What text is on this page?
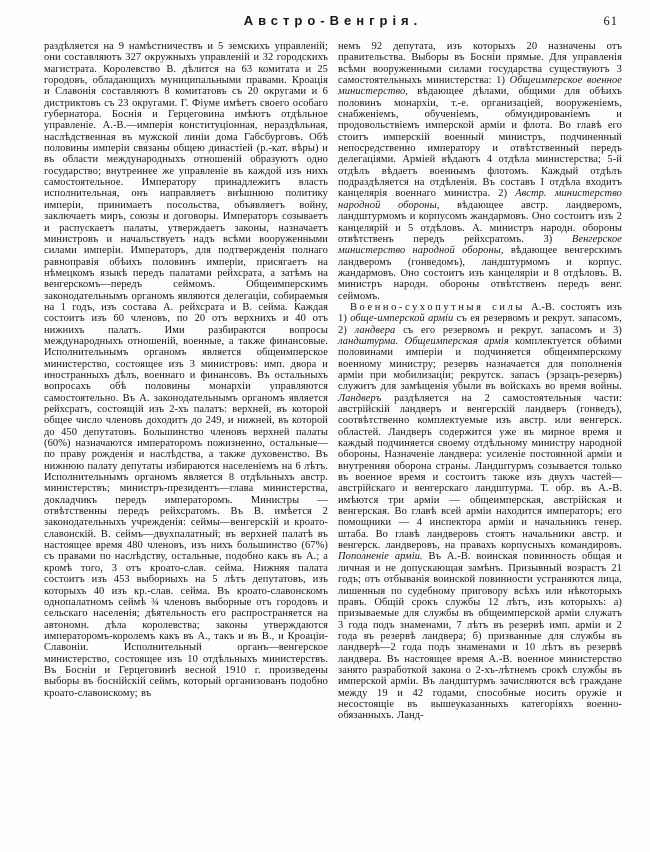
Австро-Венгрія.	61

раздѣляется на 9 намѣстничествъ и 5 земскихъ управленій; они составляютъ 327 окружныхъ управленій и 32 городскихъ магистрата. Королевство В. дѣлится на 63 комитата и 25 городовъ, обладающихъ муниципальными правами. Кроація и Славонія составляютъ 8 комитатовъ съ 20 округами и 6 дистриктовъ съ 23 округами. Г. Фіуме имѣетъ своего особаго губернатора. Боснія и Герцеговина имѣютъ отдѣльное управленіе. А.-В.—имперія конституціонная, нераздѣльная, наслѣдственная въ мужской линіи дома Габсбурговъ. Обѣ половины имперіи связаны общею династіей (р.-кат. вѣры) и въ области международныхъ отношеній образуютъ одно государство; внутреннее же управленіе въ каждой изъ нихъ самостоятельное. Императору принадлежитъ власть исполнительная, онъ направляетъ внѣшнюю политику имперіи, принимаетъ посольства, объявляетъ войну, заключаетъ миръ, союзы и договоры. Императоръ созываетъ и распускаетъ палаты, утверждаетъ законы, назначаетъ министровъ и начальствуетъ надъ всѣми вооруженными силами имперіи. Императоръ, для подтвержденія полнаго равноправія обѣихъ половинъ имперіи, присягаетъ на нѣмецкомъ языкѣ передъ палатами рейхсрата, а затѣмъ на венгерскомъ—передъ сеймомъ. Общеимперскимъ законодательнымъ органомъ являются делегаціи, собираемыя на 1 годъ, изъ состава А. рейхсрата и В. сейма. Каждая состоитъ изъ 60 членовъ, по 20 отъ верхнихъ и 40 отъ нижнихъ палатъ. Ими разбираются вопросы международныхъ отношеній, военные, а также финансовые. Исполнительнымъ органомъ является общеимперское министерство, состоящее изъ 3 министровъ: имп. двора и иностранныхъ дѣлъ, военнаго и финансовъ. Въ остальныхъ вопросахъ обѣ половины монархіи управляются самостоятельно. Въ А. законодательнымъ органомъ является рейхсратъ, состоящій изъ 2-хъ палатъ: верхней, въ которой общее число членовъ доходитъ до 249, и нижней, въ которой до 450 депутатовъ. Большинство членовъ верхней палаты (60%) назначаются императоромъ пожизненно, остальные—по праву рожденія и наслѣдства, а также духовенство. Въ нижнюю палату депутаты избираются населеніемъ на 6 лѣтъ. Исполнительнымъ органомъ является 8 отдѣльныхъ австр. министерствъ; министръ-президентъ—глава министерства, докладчикъ передъ императоромъ. Министры — отвѣтственны передъ рейхсратомъ. Въ В. имѣется 2 законодательныхъ учрежденія: сеймы—венгерскій и кроато-славонскій. В. сеймъ—двухпалатный; въ верхней палатѣ въ настоящее время 480 членовъ, изъ нихъ большинство (67%) съ правами по наслѣдству, остальные, подобно какъ въ А.; а кромѣ того, 3 отъ кроато-слав. сейма. Нижняя палата состоитъ изъ 453 выборныхъ на 5 лѣтъ депутатовъ, изъ которыхъ 40 изъ кр.-слав. сейма. Въ кроато-славонскомъ однопалатномъ сеймѣ ¾ членовъ выборные отъ городовъ и сельскаго населенія; дѣятельность его распространяется на автономн. дѣла королевства; законы утверждаются императоромъ-королемъ какъ въ А., такъ и въ В., и Кроаціи-Славоніи. Исполнительный органъ—венгерское министерство, состоящее изъ 10 отдѣльныхъ министерствъ. Въ Босніи и Герцеговинѣ весной 1910 г. произведены выборы въ боснійскій сеймъ, который организованъ подобно кроато-славонскому; въ

немъ 92 депутата, изъ которыхъ 20 назначены отъ правительства. Выборы въ Босніи прямые. Для управленія всѣми вооруженными силами государства существуютъ 3 самостоятельныхъ министерства: 1) Общеимперское военное министерство, вѣдающее дѣлами, общими для обѣихъ половинъ монархіи, т.-е. организаціей, вооруженіемъ, снабженіемъ, обученіемъ, обмундированіемъ и продовольствіемъ имперской арміи и флота. Во главѣ его стоитъ имперскій военный министръ, подчиненный непосредственно императору и отвѣтственный передъ делегаціями. Арміей вѣдаютъ 4 отдѣла министерства; 5-й отдѣлъ вѣдаетъ военнымъ флотомъ. Каждый отдѣлъ подраздѣляется на отдѣленія. Въ составъ I отдѣла входитъ канцелярія военнаго министра. 2) Австр. министерство народной обороны, вѣдающее австр. ландверомъ, ландштурмомъ и корпусомъ жандармовъ. Оно состоитъ изъ 2 канцелярій и 5 отдѣловъ. А. министръ народн. обороны отвѣтственъ передъ рейхсратомъ. 3) Венгерское министерство народной обороны, вѣдающее венгерскимъ ландверомъ (гонведомъ), ландштурмомъ и корпус. жандармовъ. Оно состоитъ изъ канцеляріи и 8 отдѣловъ. В. министръ народн. обороны отвѣтственъ передъ венг. сеймомъ.

Военно-сухопутныя силы А.-В. состоятъ изъ 1) обще-имперской арміи съ ея резервомъ и рекрут. запасомъ, 2) ландвера съ его резервомъ и рекрут. запасомъ и 3) ландштурма. Общеимперская армія комплектуется обѣими половинами имперіи и подчиняется общеимперскому военному министру; резервъ назначается для пополненія арміи при мобилизаціи; рекрутск. запасъ (эрзацъ-резервъ) служитъ для замѣщенія убыли въ войскахъ во время войны. Ландверъ раздѣляется на 2 самостоятельныя части: австрійскій ландверъ и венгерскій ландверъ (гонведъ), соотвѣтственно комплектуемые изъ австр. или венгерск. областей. Ландверъ содержится уже въ мирное время и каждый подчиняется своему отдѣльному министру народной обороны. Назначеніе ландвера: усиленіе постоянной арміи и внутренняя оборона страны. Ландштурмъ созывается только въ военное время и состоитъ также изъ двухъ частей—австрійскаго и венгерскаго ландштурма. Т. обр. въ А.-В. имѣются три арміи — общеимперская, австрійская и венгерская. Во главѣ всей арміи находится императоръ; его помощники — 4 инспектора арміи и начальникъ генер. штаба. Во главѣ ландверовъ стоятъ начальники австр. и венгерск. ландверовъ, на правахъ корпусныхъ командировъ. Пополненіе арміи. Въ А.-В. воинская повинность общая и личная и не допускающая замѣнъ. Призывный возрастъ 21 годъ; отъ отбыванія воинской повинности устраняются лица, лишенныя по судебному приговору всѣхъ или нѣкоторыхъ правъ. Общій срокъ службы 12 лѣтъ, изъ которыхъ: а) призываемые для службы въ общеимперской арміи служатъ 3 года подъ знаменами, 7 лѣтъ въ резервѣ имп. арміи и 2 года въ резервѣ ландвера; б) призванные для службы въ ландверѣ—2 года подъ знаменами и 10 лѣтъ въ резервѣ ландвера. Въ настоящее время А.-В. военное министерство занято разработкой закона о 2-хъ-лѣтнемъ срокѣ службы въ имперской арміи. Въ ландштурмъ зачисляются всѣ граждане между 19 и 42 годами, способные носить оружіе и несостоящіе въ вышеуказанныхъ категоріяхъ военно-обязанныхъ. Ланд-
